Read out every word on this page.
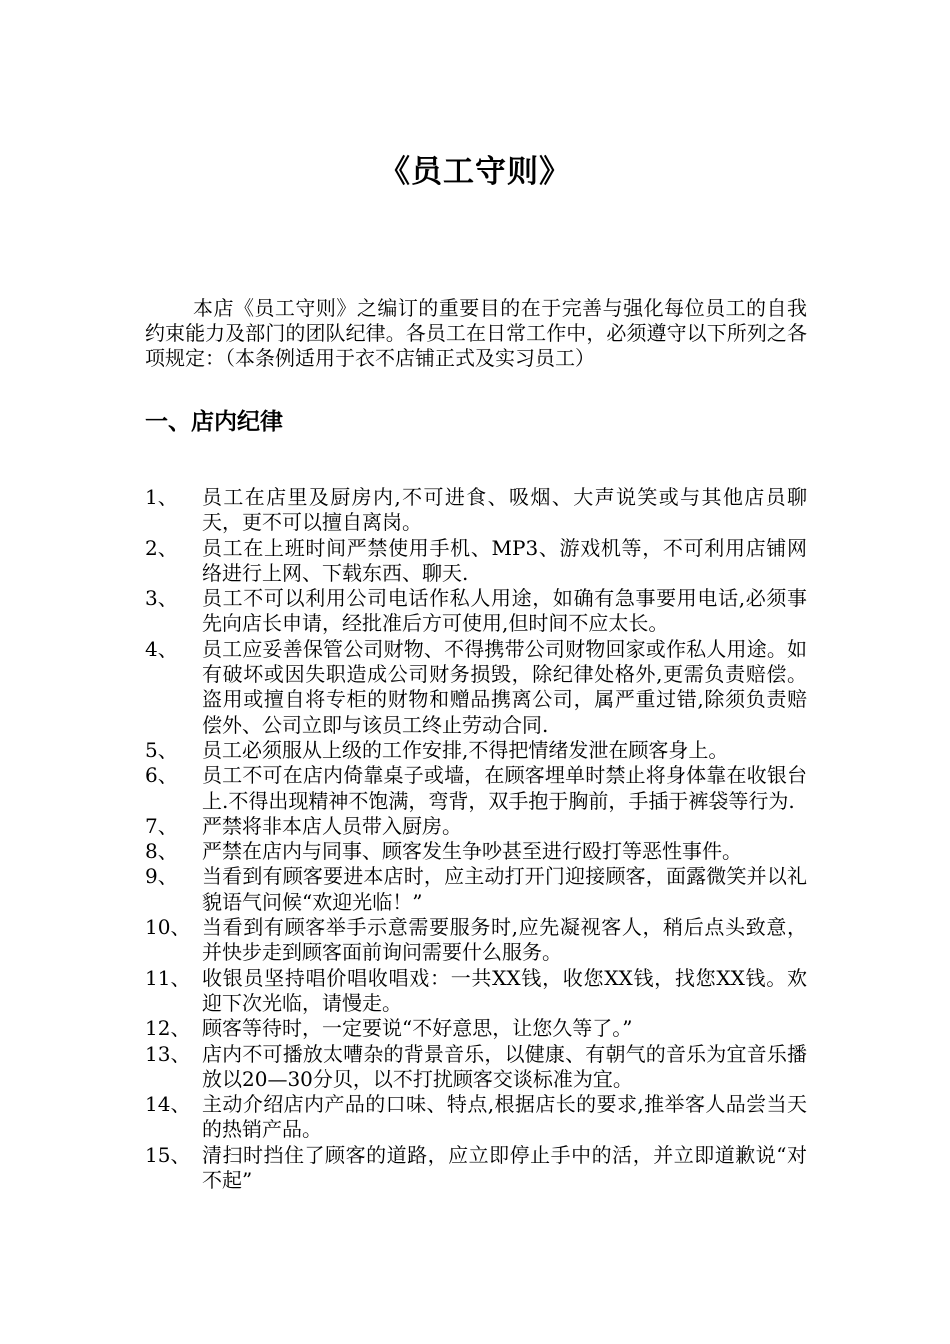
《员工守则》

本店《员工守则》之编订的重要目的在于完善与强化每位员工的自我约束能力及部门的团队纪律。各员工在日常工作中，必须遵守以下所列之各项规定：（本条例适用于衣不店铺正式及实习员工）

一、店内纪律
1、	员工在店里及厨房内,不可进食、吸烟、大声说笑或与其他店员聊天，更不可以擅自离岗。
2、	员工在上班时间严禁使用手机、MP3、游戏机等，不可利用店铺网络进行上网、下载东西、聊天.
3、	员工不可以利用公司电话作私人用途，如确有急事要用电话,必须事先向店长申请，经批准后方可使用,但时间不应太长。
4、	员工应妥善保管公司财物、不得携带公司财物回家或作私人用途。如有破坏或因失职造成公司财务损毁，除纪律处格外,更需负责赔偿。盗用或擅自将专柜的财物和赠品携离公司，属严重过错,除须负责赔偿外、公司立即与该员工终止劳动合同.
5、	员工必须服从上级的工作安排,不得把情绪发泄在顾客身上。
6、	员工不可在店内倚靠桌子或墙，在顾客埋单时禁止将身体靠在收银台上.不得出现精神不饱满，弯背，双手抱于胸前，手插于裤袋等行为.
7、	严禁将非本店人员带入厨房。
8、	严禁在店内与同事、顾客发生争吵甚至进行殴打等恶性事件。
9、	当看到有顾客要进本店时，应主动打开门迎接顾客，面露微笑并以礼貌语气问候“欢迎光临！”
10、 当看到有顾客举手示意需要服务时,应先凝视客人，稍后点头致意，并快步走到顾客面前询问需要什么服务。
11、 收银员坚持唱价唱收唱戏：一共XX钱，收您XX钱，找您XX钱。欢迎下次光临，请慢走。
12、 顾客等待时，一定要说“不好意思，让您久等了。”
13、 店内不可播放太嘈杂的背景音乐，以健康、有朝气的音乐为宜音乐播放以20—30分贝，以不打扰顾客交谈标准为宜。
14、 主动介绍店内产品的口味、特点,根据店长的要求,推举客人品尝当天的热销产品。
15、 清扫时挡住了顾客的道路，应立即停止手中的活，并立即道歉说“对不起”
